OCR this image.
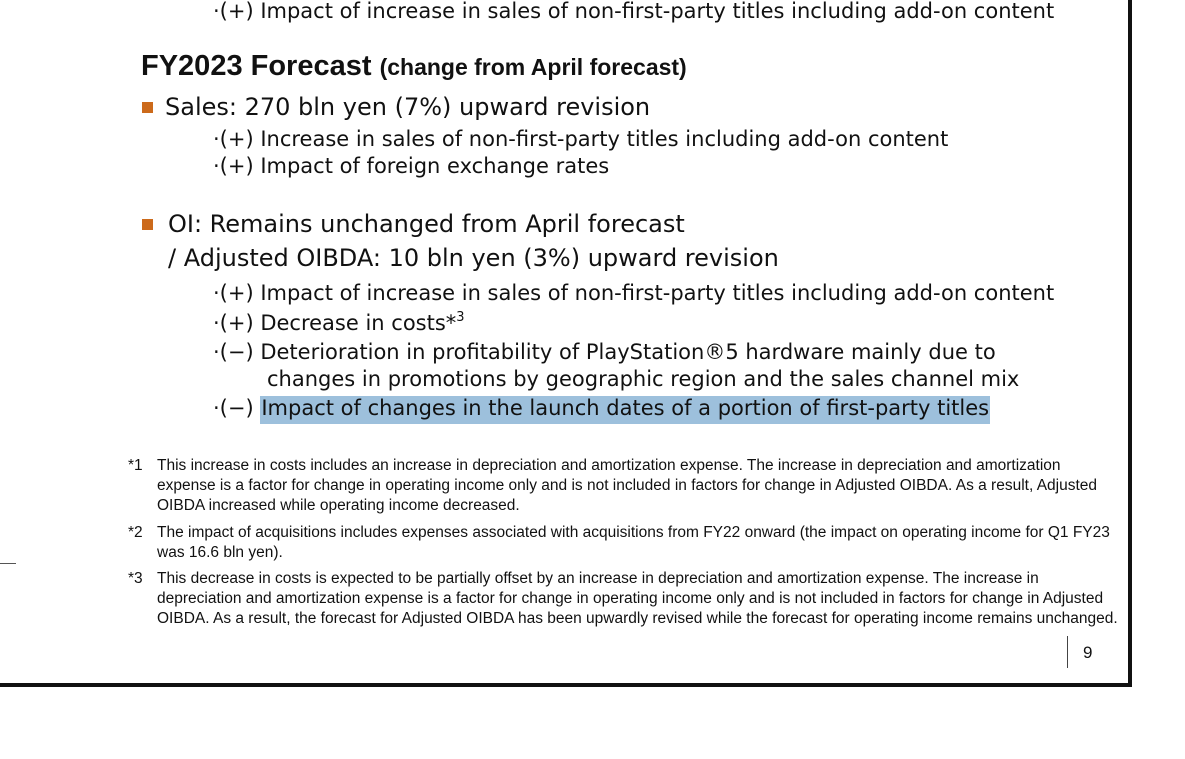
·(+) Impact of increase in sales of non-first-party titles including add-on content
FY2023 Forecast (change from April forecast)
Sales: 270 bln yen (7%) upward revision
·(+) Increase in sales of non-first-party titles including add-on content
·(+) Impact of foreign exchange rates
OI: Remains unchanged from April forecast
/ Adjusted OIBDA: 10 bln yen (3%) upward revision
·(+) Impact of increase in sales of non-first-party titles including add-on content
·(+) Decrease in costs*$^3$
·(−) Deterioration in profitability of PlayStation®5 hardware mainly due to
changes in promotions by geographic region and the sales channel mix
·(−) Impact of changes in the launch dates of a portion of first-party titles
*1 This increase in costs includes an increase in depreciation and amortization expense. The increase in depreciation and amortization expense is a factor for change in operating income only and is not included in factors for change in Adjusted OIBDA. As a result, Adjusted OIBDA increased while operating income decreased.
*2 The impact of acquisitions includes expenses associated with acquisitions from FY22 onward (the impact on operating income for Q1 FY23 was 16.6 bln yen).
*3 This decrease in costs is expected to be partially offset by an increase in depreciation and amortization expense. The increase in depreciation and amortization expense is a factor for change in operating income only and is not included in factors for change in Adjusted OIBDA. As a result, the forecast for Adjusted OIBDA has been upwardly revised while the forecast for operating income remains unchanged.
9
